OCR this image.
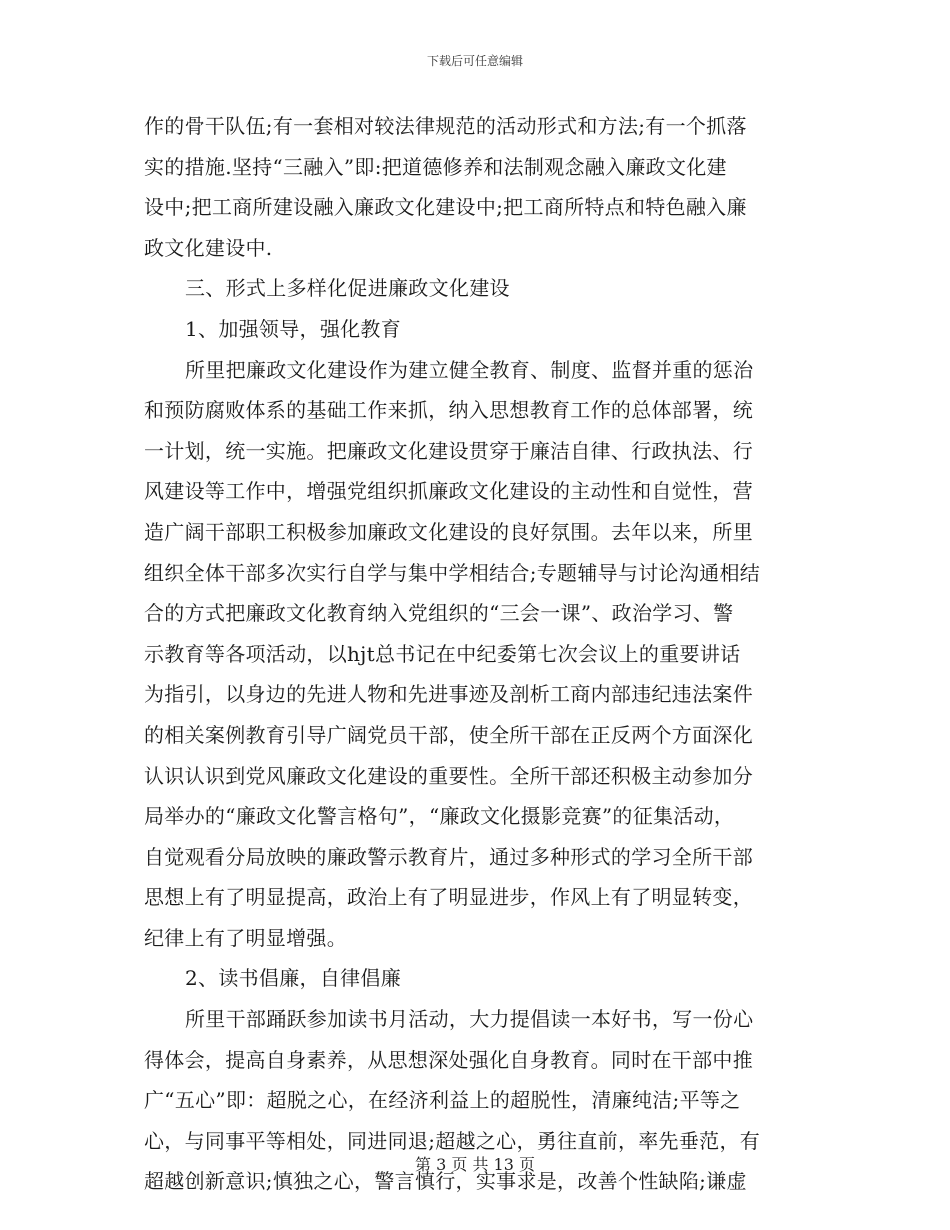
下载后可任意编辑
作的骨干队伍;有一套相对较法律规范的活动形式和方法;有一个抓落
实的措施.坚持“三融入”即:把道德修养和法制观念融入廉政文化建
设中;把工商所建设融入廉政文化建设中;把工商所特点和特色融入廉
政文化建设中.
三、形式上多样化促进廉政文化建设
1、加强领导，强化教育
所里把廉政文化建设作为建立健全教育、制度、监督并重的惩治
和预防腐败体系的基础工作来抓，纳入思想教育工作的总体部署，统
一计划，统一实施。把廉政文化建设贯穿于廉洁自律、行政执法、行
风建设等工作中，增强党组织抓廉政文化建设的主动性和自觉性，营
造广阔干部职工积极参加廉政文化建设的良好氛围。去年以来，所里
组织全体干部多次实行自学与集中学相结合;专题辅导与讨论沟通相结
合的方式把廉政文化教育纳入党组织的“三会一课”、政治学习、警
示教育等各项活动，以hjt总书记在中纪委第七次会议上的重要讲话
为指引，以身边的先进人物和先进事迹及剖析工商内部违纪违法案件
的相关案例教育引导广阔党员干部，使全所干部在正反两个方面深化
认识认识到党风廉政文化建设的重要性。全所干部还积极主动参加分
局举办的“廉政文化警言格句”，“廉政文化摄影竞赛”的征集活动，
自觉观看分局放映的廉政警示教育片，通过多种形式的学习全所干部
思想上有了明显提高，政治上有了明显进步，作风上有了明显转变，
纪律上有了明显增强。
2、读书倡廉，自律倡廉
所里干部踊跃参加读书月活动，大力提倡读一本好书，写一份心
得体会，提高自身素养，从思想深处强化自身教育。同时在干部中推
广“五心”即：超脱之心，在经济利益上的超脱性，清廉纯洁;平等之
心，与同事平等相处，同进同退;超越之心，勇往直前，率先垂范，有
超越创新意识;慎独之心，警言慎行，实事求是，改善个性缺陷;谦虚
第 3 页 共 13 页
